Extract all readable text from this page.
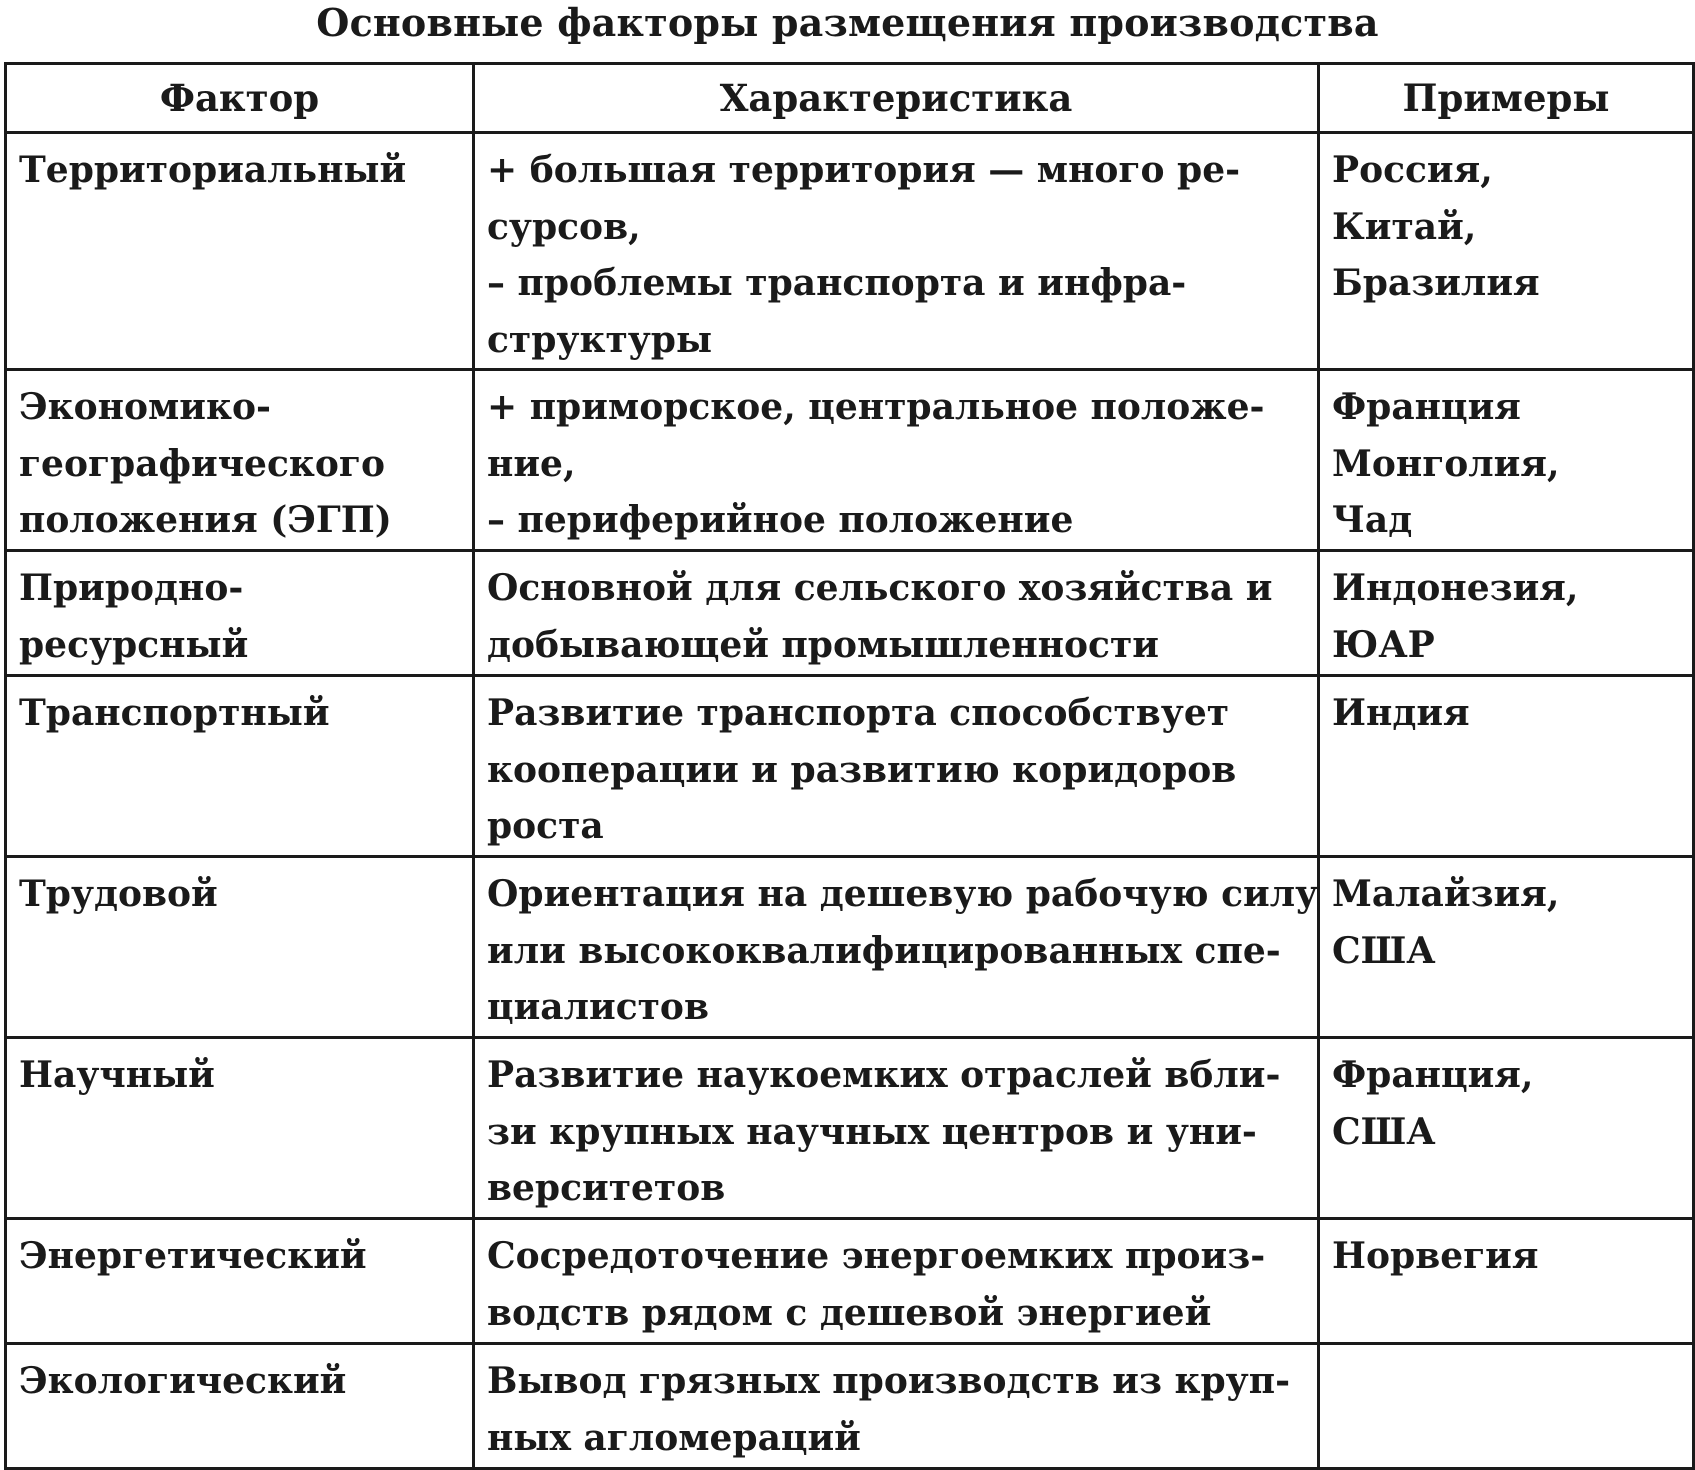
Основные факторы размещения производства
Фактор	Характеристика	Примеры

Территориальный	+ большая территория — много ре-
сурсов,
– проблемы транспорта и инфра-
структуры	Россия,
Китай,
Бразилия

Экономико-
географического
положения (ЭГП)	+ приморское, центральное положе-
ние,
– периферийное положение	Франция
Монголия,
Чад

Природно-
ресурсный	Основной для сельского хозяйства и
добывающей промышленности	Индонезия,
ЮАР

Транспортный	Развитие транспорта способствует
кооперации и развитию коридоров
роста	Индия

Трудовой	Ориентация на дешевую рабочую силу
или высококвалифицированных спе-
циалистов	Малайзия,
США

Научный	Развитие наукоемких отраслей вбли-
зи крупных научных центров и уни-
верситетов	Франция,
США

Энергетический	Сосредоточение энергоемких произ-
водств рядом с дешевой энергией	Норвегия

Экологический	Вывод грязных производств из круп-
ных агломераций	
